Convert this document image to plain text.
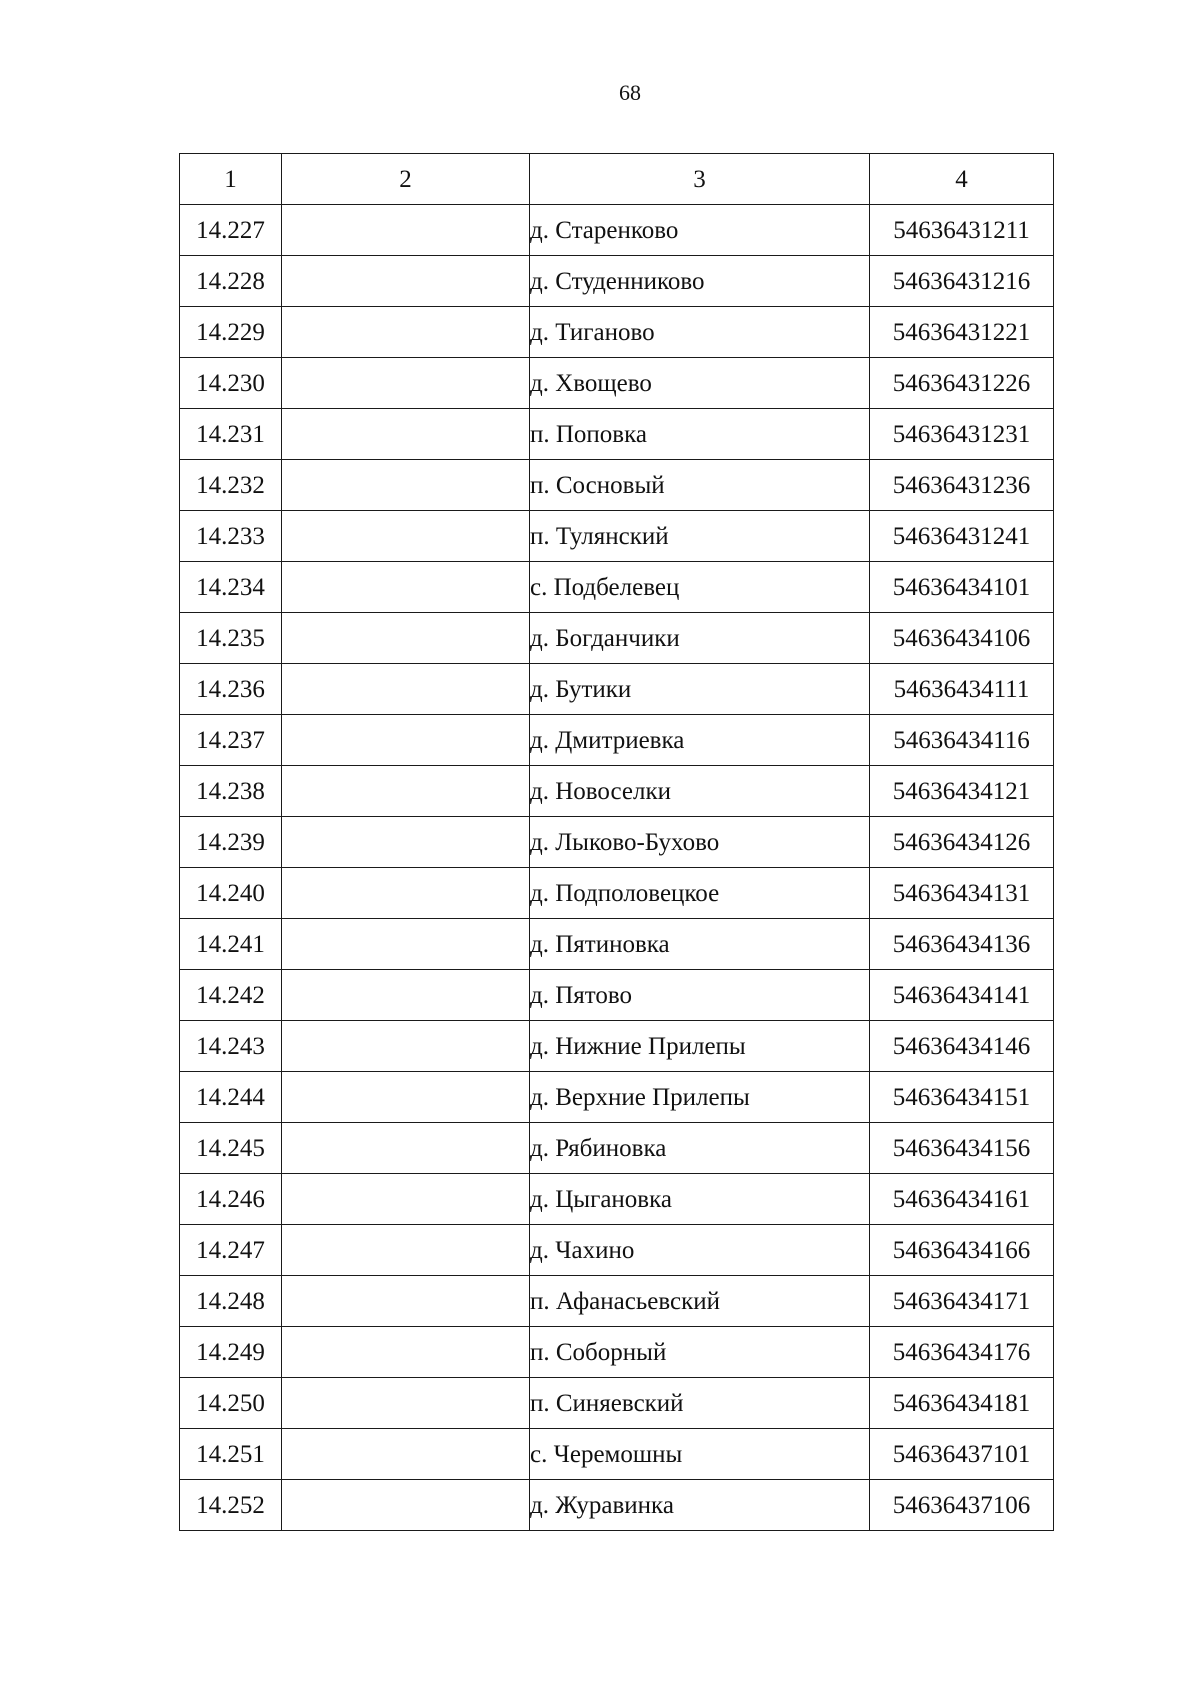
68
1	2	3	4
14.227		д. Старенково	54636431211
14.228		д. Студенниково	54636431216
14.229		д. Тиганово	54636431221
14.230		д. Хвощево	54636431226
14.231		п. Поповка	54636431231
14.232		п. Сосновый	54636431236
14.233		п. Тулянский	54636431241
14.234		с. Подбелевец	54636434101
14.235		д. Богданчики	54636434106
14.236		д. Бутики	54636434111
14.237		д. Дмитриевка	54636434116
14.238		д. Новоселки	54636434121
14.239		д. Лыково-Бухово	54636434126
14.240		д. Подполовецкое	54636434131
14.241		д. Пятиновка	54636434136
14.242		д. Пятово	54636434141
14.243		д. Нижние Прилепы	54636434146
14.244		д. Верхние Прилепы	54636434151
14.245		д. Рябиновка	54636434156
14.246		д. Цыгановка	54636434161
14.247		д. Чахино	54636434166
14.248		п. Афанасьевский	54636434171
14.249		п. Соборный	54636434176
14.250		п. Синяевский	54636434181
14.251		с. Черемошны	54636437101
14.252		д. Журавинка	54636437106
